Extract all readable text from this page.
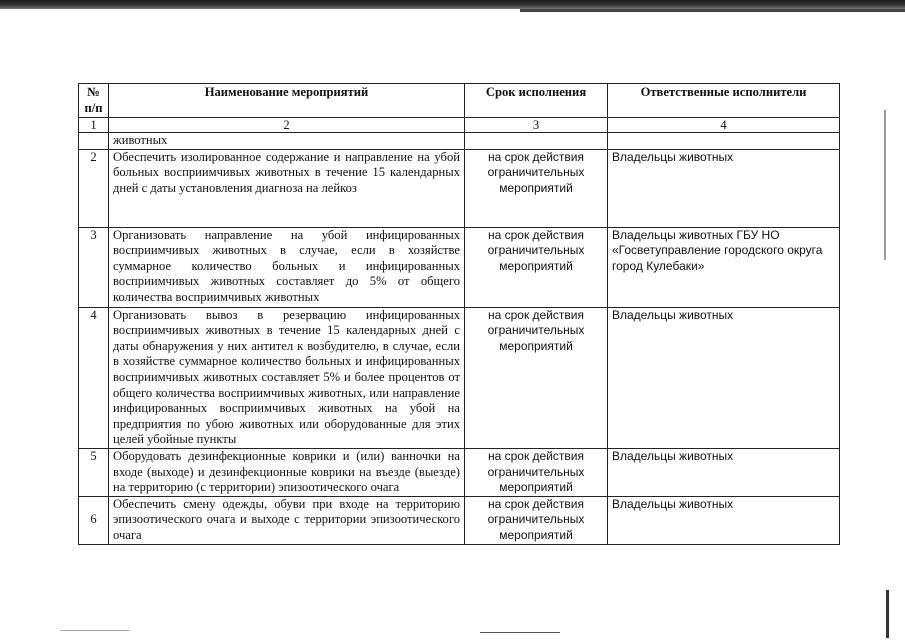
№ п/п	Наименование мероприятий	Срок исполнения	Ответственные исполнители
1	2	3	4
	животных		
2	Обеспечить изолированное содержание и направление на убой больных восприимчивых животных в течение 15 календарных дней с даты установления диагноза на лейкоз	на срок действия ограничительных мероприятий	Владельцы животных
3	Организовать направление на убой инфицированных восприимчивых животных в случае, если в хозяйстве суммарное количество больных и инфицированных восприимчивых животных составляет до 5% от общего количества восприимчивых животных	на срок действия ограничительных мероприятий	Владельцы животных ГБУ НО «Госветуправление городского округа город Кулебаки»
4	Организовать вывоз в резервацию инфицированных восприимчивых животных в течение 15 календарных дней с даты обнаружения у них антител к возбудителю, в случае, если в хозяйстве суммарное количество больных и инфицированных восприимчивых животных составляет 5% и более процентов от общего количества восприимчивых животных, или направление инфицированных восприимчивых животных на убой на предприятия по убою животных или оборудованные для этих целей убойные пункты	на срок действия ограничительных мероприятий	Владельцы животных
5	Оборудовать дезинфекционные коврики и (или) ванночки на входе (выходе) и дезинфекционные коврики на въезде (выезде) на территорию (с территории) эпизоотического очага	на срок действия ограничительных мероприятий	Владельцы животных
6	Обеспечить смену одежды, обуви при входе на территорию эпизоотического очага и выходе с территории эпизоотического очага	на срок действия ограничительных мероприятий	Владельцы животных
